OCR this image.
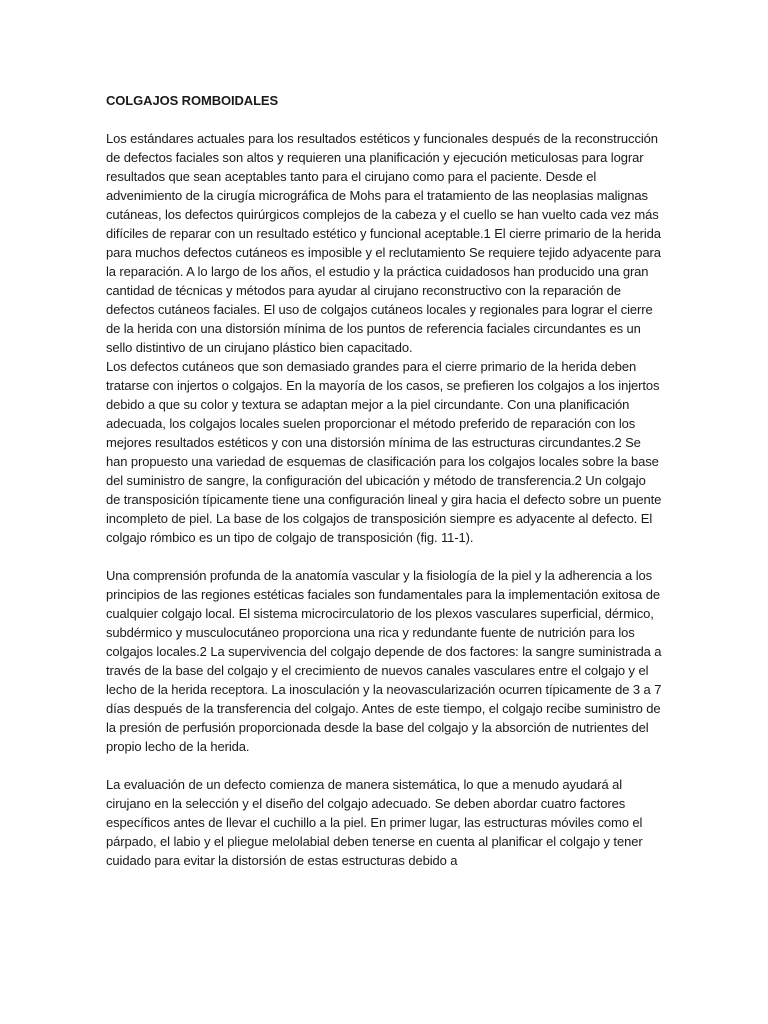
COLGAJOS ROMBOIDALES

Los estándares actuales para los resultados estéticos y funcionales después de la reconstrucción de defectos faciales son altos y requieren una planificación y ejecución meticulosas para lograr resultados que sean aceptables tanto para el cirujano como para el paciente. Desde el advenimiento de la cirugía micrográfica de Mohs para el tratamiento de las neoplasias malignas cutáneas, los defectos quirúrgicos complejos de la cabeza y el cuello se han vuelto cada vez más difíciles de reparar con un resultado estético y funcional aceptable.1 El cierre primario de la herida para muchos defectos cutáneos es imposible y el reclutamiento Se requiere tejido adyacente para la reparación. A lo largo de los años, el estudio y la práctica cuidadosos han producido una gran cantidad de técnicas y métodos para ayudar al cirujano reconstructivo con la reparación de defectos cutáneos faciales. El uso de colgajos cutáneos locales y regionales para lograr el cierre de la herida con una distorsión mínima de los puntos de referencia faciales circundantes es un sello distintivo de un cirujano plástico bien capacitado.

Los defectos cutáneos que son demasiado grandes para el cierre primario de la herida deben tratarse con injertos o colgajos. En la mayoría de los casos, se prefieren los colgajos a los injertos debido a que su color y textura se adaptan mejor a la piel circundante. Con una planificación adecuada, los colgajos locales suelen proporcionar el método preferido de reparación con los mejores resultados estéticos y con una distorsión mínima de las estructuras circundantes.2 Se han propuesto una variedad de esquemas de clasificación para los colgajos locales sobre la base del suministro de sangre, la configuración del ubicación y método de transferencia.2 Un colgajo de transposición típicamente tiene una configuración lineal y gira hacia el defecto sobre un puente incompleto de piel. La base de los colgajos de transposición siempre es adyacente al defecto. El colgajo rómbico es un tipo de colgajo de transposición (fig. 11-1).

Una comprensión profunda de la anatomía vascular y la fisiología de la piel y la adherencia a los principios de las regiones estéticas faciales son fundamentales para la implementación exitosa de cualquier colgajo local. El sistema microcirculatorio de los plexos vasculares superficial, dérmico, subdérmico y musculocutáneo proporciona una rica y redundante fuente de nutrición para los colgajos locales.2 La supervivencia del colgajo depende de dos factores: la sangre suministrada a través de la base del colgajo y el crecimiento de nuevos canales vasculares entre el colgajo y el lecho de la herida receptora. La inosculación y la neovascularización ocurren típicamente de 3 a 7 días después de la transferencia del colgajo. Antes de este tiempo, el colgajo recibe suministro de la presión de perfusión proporcionada desde la base del colgajo y la absorción de nutrientes del propio lecho de la herida.

La evaluación de un defecto comienza de manera sistemática, lo que a menudo ayudará al cirujano en la selección y el diseño del colgajo adecuado. Se deben abordar cuatro factores específicos antes de llevar el cuchillo a la piel. En primer lugar, las estructuras móviles como el párpado, el labio y el pliegue melolabial deben tenerse en cuenta al planificar el colgajo y tener cuidado para evitar la distorsión de estas estructuras debido a
